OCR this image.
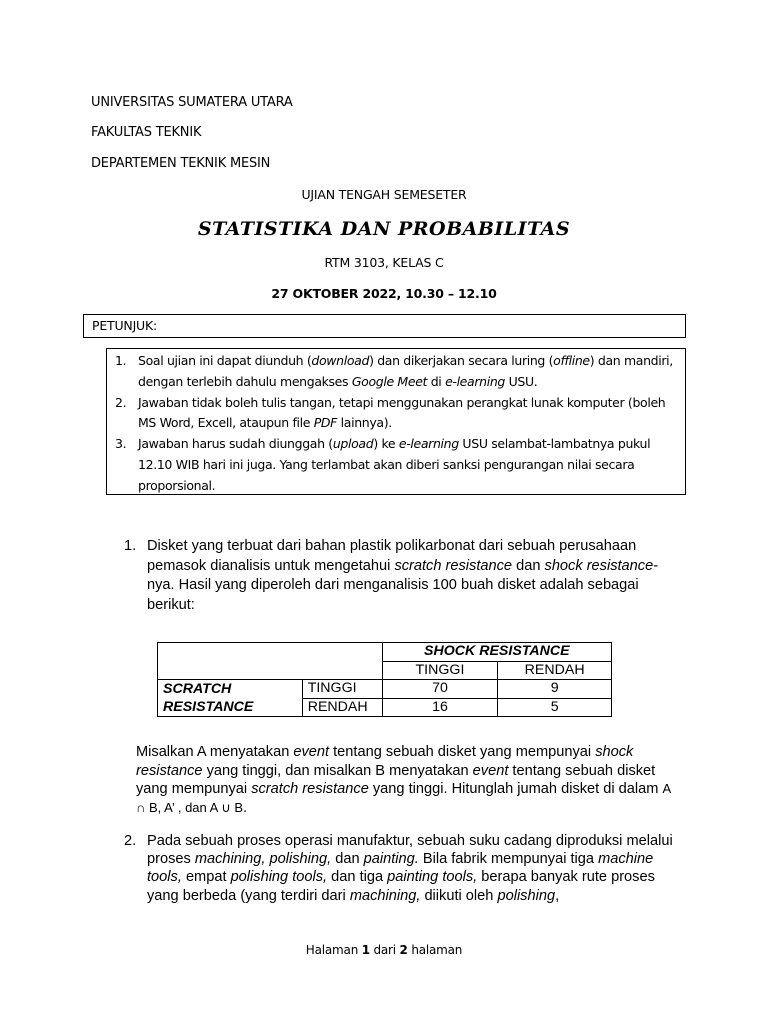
UNIVERSITAS SUMATERA UTARA
FAKULTAS TEKNIK
DEPARTEMEN TEKNIK MESIN
UJIAN TENGAH SEMESETER
STATISTIKA DAN PROBABILITAS
RTM 3103, KELAS C
27 OKTOBER 2022, 10.30 – 12.10
PETUNJUK:
1. Soal ujian ini dapat diunduh (download) dan dikerjakan secara luring (offline) dan mandiri, dengan terlebih dahulu mengakses Google Meet di e-learning USU.
2. Jawaban tidak boleh tulis tangan, tetapi menggunakan perangkat lunak komputer (boleh MS Word, Excell, ataupun file PDF lainnya).
3. Jawaban harus sudah diunggah (upload) ke e-learning USU selambat-lambatnya pukul 12.10 WIB hari ini juga. Yang terlambat akan diberi sanksi pengurangan nilai secara proporsional.
1. Disket yang terbuat dari bahan plastik polikarbonat dari sebuah perusahaan pemasok dianalisis untuk mengetahui scratch resistance dan shock resistance-nya. Hasil yang diperoleh dari menganalisis 100 buah disket adalah sebagai berikut:
		SHOCK RESISTANCE	
		TINGGI	RENDAH
SCRATCH	TINGGI	70	9
RESISTANCE	RENDAH	16	5
Misalkan A menyatakan event tentang sebuah disket yang mempunyai shock resistance yang tinggi, dan misalkan B menyatakan event tentang sebuah disket yang mempunyai scratch resistance yang tinggi. Hitunglah jumah disket di dalam A ∩ B, A’ , dan A ∪ B.
2. Pada sebuah proses operasi manufaktur, sebuah suku cadang diproduksi melalui proses machining, polishing, dan painting. Bila fabrik mempunyai tiga machine tools, empat polishing tools, dan tiga painting tools, berapa banyak rute proses yang berbeda (yang terdiri dari machining, diikuti oleh polishing,
Halaman 1 dari 2 halaman
